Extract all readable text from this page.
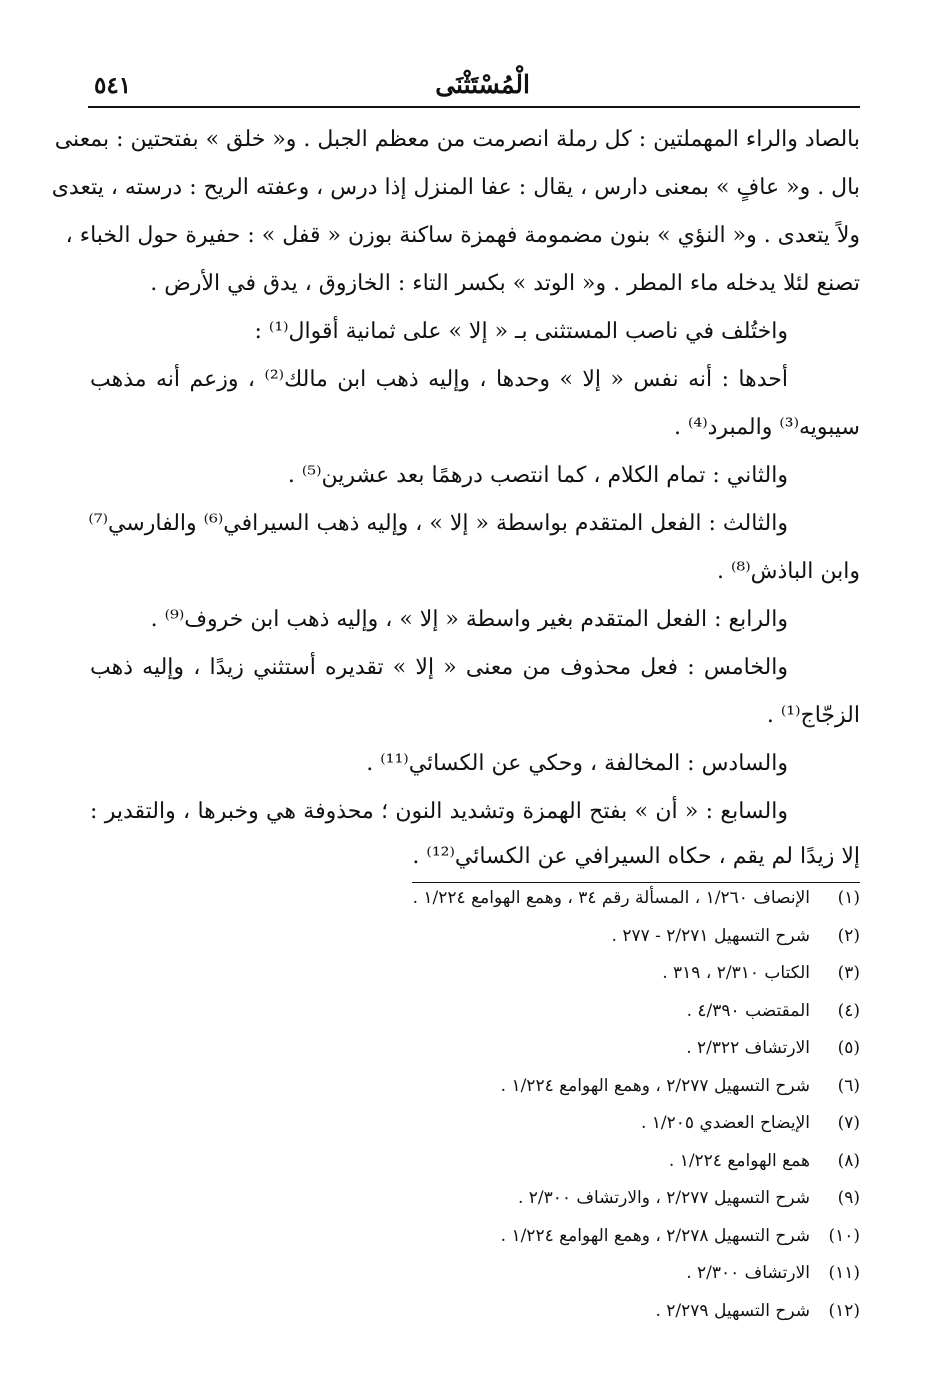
الْمُسْتَثْنَى
٥٤١
بالصاد والراء المهملتين : كل رملة انصرمت من معظم الجبل . و« خلق » بفتحتين : بمعنى
بال . و« عافٍ » بمعنى دارس ، يقال : عفا المنزل إذا درس ، وعفته الريح : درسته ، يتعدى
ولاً يتعدى . و« النؤي » بنون مضمومة فهمزة ساكنة بوزن « قفل » : حفيرة حول الخباء ،
تصنع لئلا يدخله ماء المطر . و« الوتد » بكسر التاء : الخازوق ، يدق في الأرض .
واختُلف في ناصب المستثنى بـ « إلا » على ثمانية أقوال⁽¹⁾ :
أحدها : أنه نفس « إلا » وحدها ، وإليه ذهب ابن مالك⁽²⁾ ، وزعم أنه مذهب
سيبويه⁽³⁾ والمبرد⁽⁴⁾ .
والثاني : تمام الكلام ، كما انتصب درهمًا بعد عشرين⁽⁵⁾ .
والثالث : الفعل المتقدم بواسطة « إلا » ، وإليه ذهب السيرافي⁽⁶⁾ والفارسي⁽⁷⁾
وابن الباذش⁽⁸⁾ .
والرابع : الفعل المتقدم بغير واسطة « إلا » ، وإليه ذهب ابن خروف⁽⁹⁾ .
والخامس : فعل محذوف من معنى « إلا » تقديره أستثني زيدًا ، وإليه ذهب
الزجّاج⁽¹⁾ .
والسادس : المخالفة ، وحكي عن الكسائي⁽¹¹⁾ .
والسابع : « أن » بفتح الهمزة وتشديد النون ؛ محذوفة هي وخبرها ، والتقدير :
إلا زيدًا لم يقم ، حكاه السيرافي عن الكسائي⁽¹²⁾ .
(١)الإنصاف ١/٢٦٠ ، المسألة رقم ٣٤ ، وهمع الهوامع ١/٢٢٤ .
(٢)شرح التسهيل ٢/٢٧١ - ٢٧٧ .
(٣)الكتاب ٢/٣١٠ ، ٣١٩ .
(٤)المقتضب ٤/٣٩٠ .
(٥)الارتشاف ٢/٣٢٢ .
(٦)شرح التسهيل ٢/٢٧٧ ، وهمع الهوامع ١/٢٢٤ .
(٧)الإيضاح العضدي ١/٢٠٥ .
(٨)همع الهوامع ١/٢٢٤ .
(٩)شرح التسهيل ٢/٢٧٧ ، والارتشاف ٢/٣٠٠ .
(١٠)شرح التسهيل ٢/٢٧٨ ، وهمع الهوامع ١/٢٢٤ .
(١١)الارتشاف ٢/٣٠٠ .
(١٢)شرح التسهيل ٢/٢٧٩ .
